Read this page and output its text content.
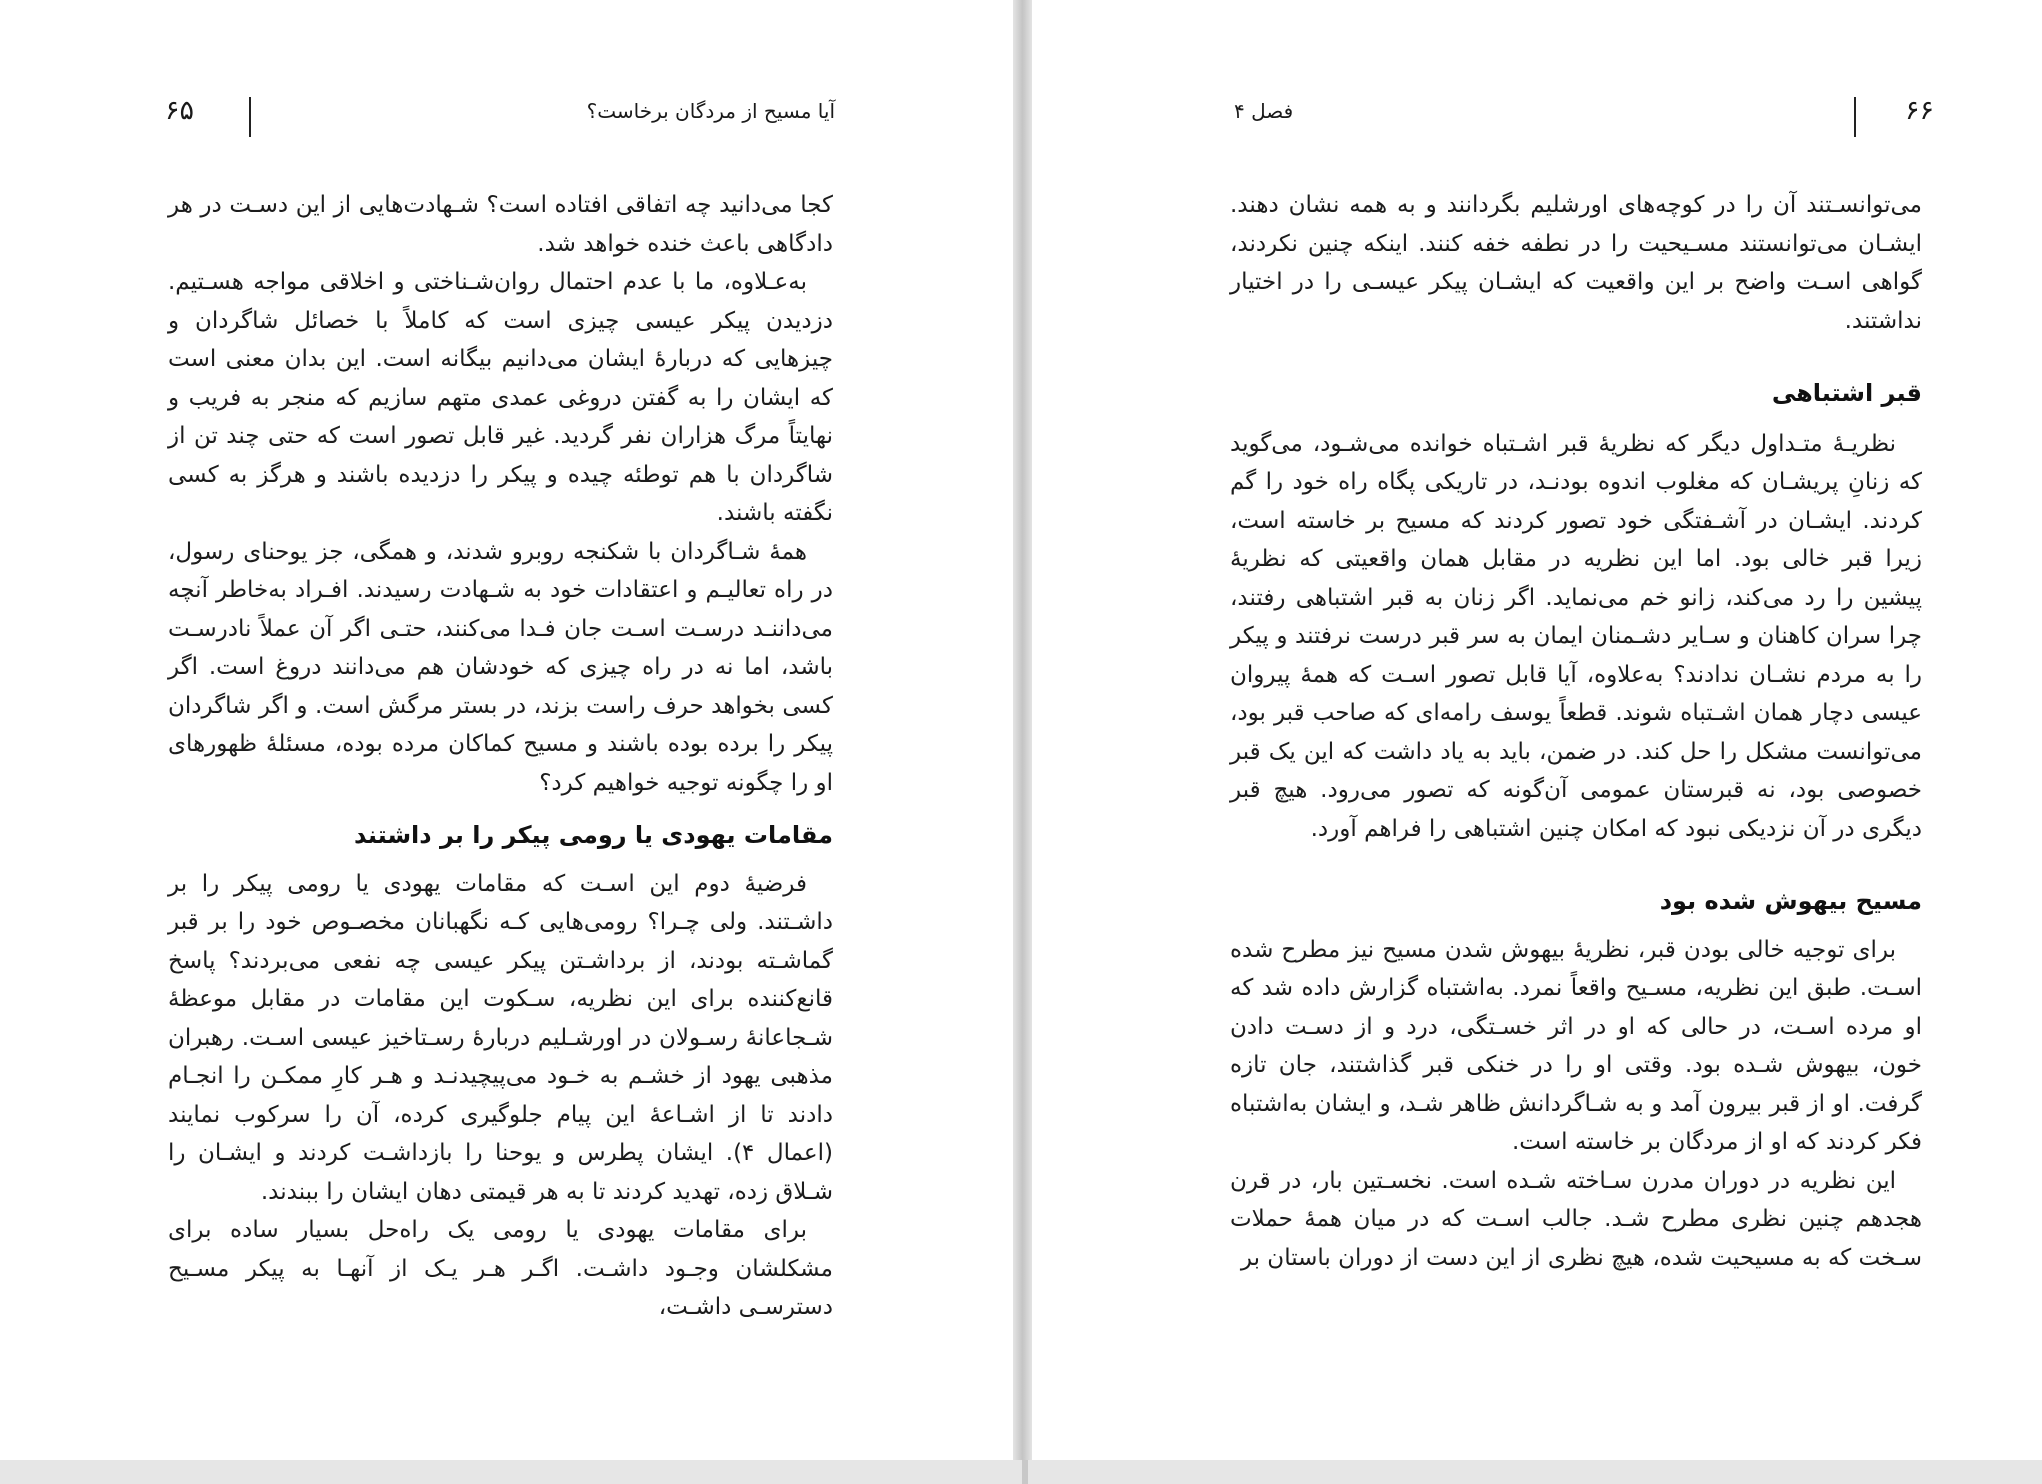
۶۵	آیا مسیح از مردگان برخاست؟

کجا می‌دانید چه اتفاقی افتاده است؟ شـهادت‌هایی از این دسـت در هر دادگاهی باعث خنده خواهد شد.

به‌عـلاوه، ما با عدم احتمال روان‌شـناختی و اخلاقی مواجه هسـتیم. دزدیدن پیکر عیسی چیزی است که کاملاً با خصائل شاگردان و چیزهایی که دربارهٔ ایشان می‌دانیم بیگانه است. این بدان معنی است که ایشان را به گفتن دروغی عمدی متهم سازیم که منجر به فریب و نهایتاً مرگ هزاران نفر گردید. غیر قابل تصور است که حتی چند تن از شاگردان با هم توطئه چیده و پیکر را دزدیده باشند و هرگز به کسی نگفته باشند.

همهٔ شـاگردان با شکنجه روبرو شدند، و همگی، جز یوحنای رسول، در راه تعالیـم و اعتقادات خود به شـهادت رسیدند. افـراد به‌خاطر آنچه می‌داننـد درسـت اسـت جان فـدا می‌کنند، حتـی اگر آن عملاً نادرسـت باشد، اما نه در راه چیزی که خودشان هم می‌دانند دروغ است. اگر کسی بخواهد حرف راست بزند، در بستر مرگش است. و اگر شاگردان پیکر را برده بوده باشند و مسیح کماکان مرده بوده، مسئلهٔ ظهورهای او را چگونه توجیه خواهیم کرد؟

مقامات یهودی یا رومی پیکر را بر داشتند

فرضیهٔ دوم این اسـت که مقامات یهودی یا رومی پیکر را بر داشـتند. ولی چـرا؟ رومی‌هایی کـه نگهبانان مخصـوص خود را بر قبر گماشـته بودند، از برداشـتن پیکر عیسی چه نفعی می‌بردند؟ پاسخ قانع‌کننده برای این نظریه، سـکوت این مقامات در مقابل موعظهٔ شـجاعانهٔ رسـولان در اورشـلیم دربارهٔ رسـتاخیز عیسی اسـت. رهبران مذهبی یهود از خشـم به خـود می‌پیچیدنـد و هـر کارِ ممکـن را انجـام دادند تا از اشـاعهٔ این پیام جلوگیری کرده، آن را سرکوب نمایند (اعمال ۴). ایشان پطرس و یوحنا را بازداشـت کردند و ایشـان را شـلاق زده، تهدید کردند تا به هر قیمتی دهان ایشان را ببندند.

برای مقامات یهودی یا رومی یک راه‌حل بسیار ساده برای مشکلشان وجـود داشـت. اگـر هـر یـک از آنهـا به پیکر مسـیح دسترسـی داشـت،

۶۶
فصل ۴

می‌توانسـتند آن را در کوچه‌های اورشلیم بگردانند و به همه نشان دهند. ایشـان می‌توانستند مسـیحیت را در نطفه خفه کنند. اینکه چنین نکردند، گواهی اسـت واضح بر این واقعیت که ایشـان پیکر عیسـی را در اختیار نداشتند.

قبر اشتباهی

نظریـهٔ متـداول دیگر که نظریهٔ قبر اشـتباه خوانده می‌شـود، می‌گوید که زنانِ پریشـان که مغلوب اندوه بودنـد، در تاریکی پگاه راه خود را گم کردند. ایشـان در آشـفتگی خود تصور کردند که مسیح بر خاسته است، زیرا قبر خالی بود. اما این نظریه در مقابل همان واقعیتی که نظریهٔ پیشین را رد می‌کند، زانو خم می‌نماید. اگر زنان به قبر اشتباهی رفتند، چرا سران کاهنان و سـایر دشـمنان ایمان به سر قبر درست نرفتند و پیکر را به مردم نشـان ندادند؟ به‌علاوه، آیا قابل تصور اسـت که همهٔ پیروان عیسی دچار همان اشـتباه شوند. قطعاً یوسف رامه‌ای که صاحب قبر بود، می‌توانست مشکل را حل کند. در ضمن، باید به یاد داشت که این یک قبر خصوصی بود، نه قبرستان عمومی آن‌گونه که تصور می‌رود. هیچ قبر دیگری در آن نزدیکی نبود که امکان چنین اشتباهی را فراهم آورد.

مسیح بیهوش شده بود

برای توجیه خالی بودن قبر، نظریهٔ بیهوش شدن مسیح نیز مطرح شده اسـت. طبق این نظریه، مسـیح واقعاً نمرد. به‌اشتباه گزارش داده شد که او مرده اسـت، در حالی که او در اثر خسـتگی، درد و از دسـت دادن خون، بیهوش شـده بود. وقتی او را در خنکی قبر گذاشتند، جان تازه گرفت. او از قبر بیرون آمد و به شـاگردانش ظاهر شـد، و ایشان به‌اشتباه فکر کردند که او از مردگان بر خاسته است.

این نظریه در دوران مدرن سـاخته شـده است. نخسـتین بار، در قرن هجدهم چنین نظری مطرح شـد. جالب اسـت که در میان همهٔ حملات سـخت که به مسیحیت شده، هیچ نظری از این دست از دوران باستان بر
